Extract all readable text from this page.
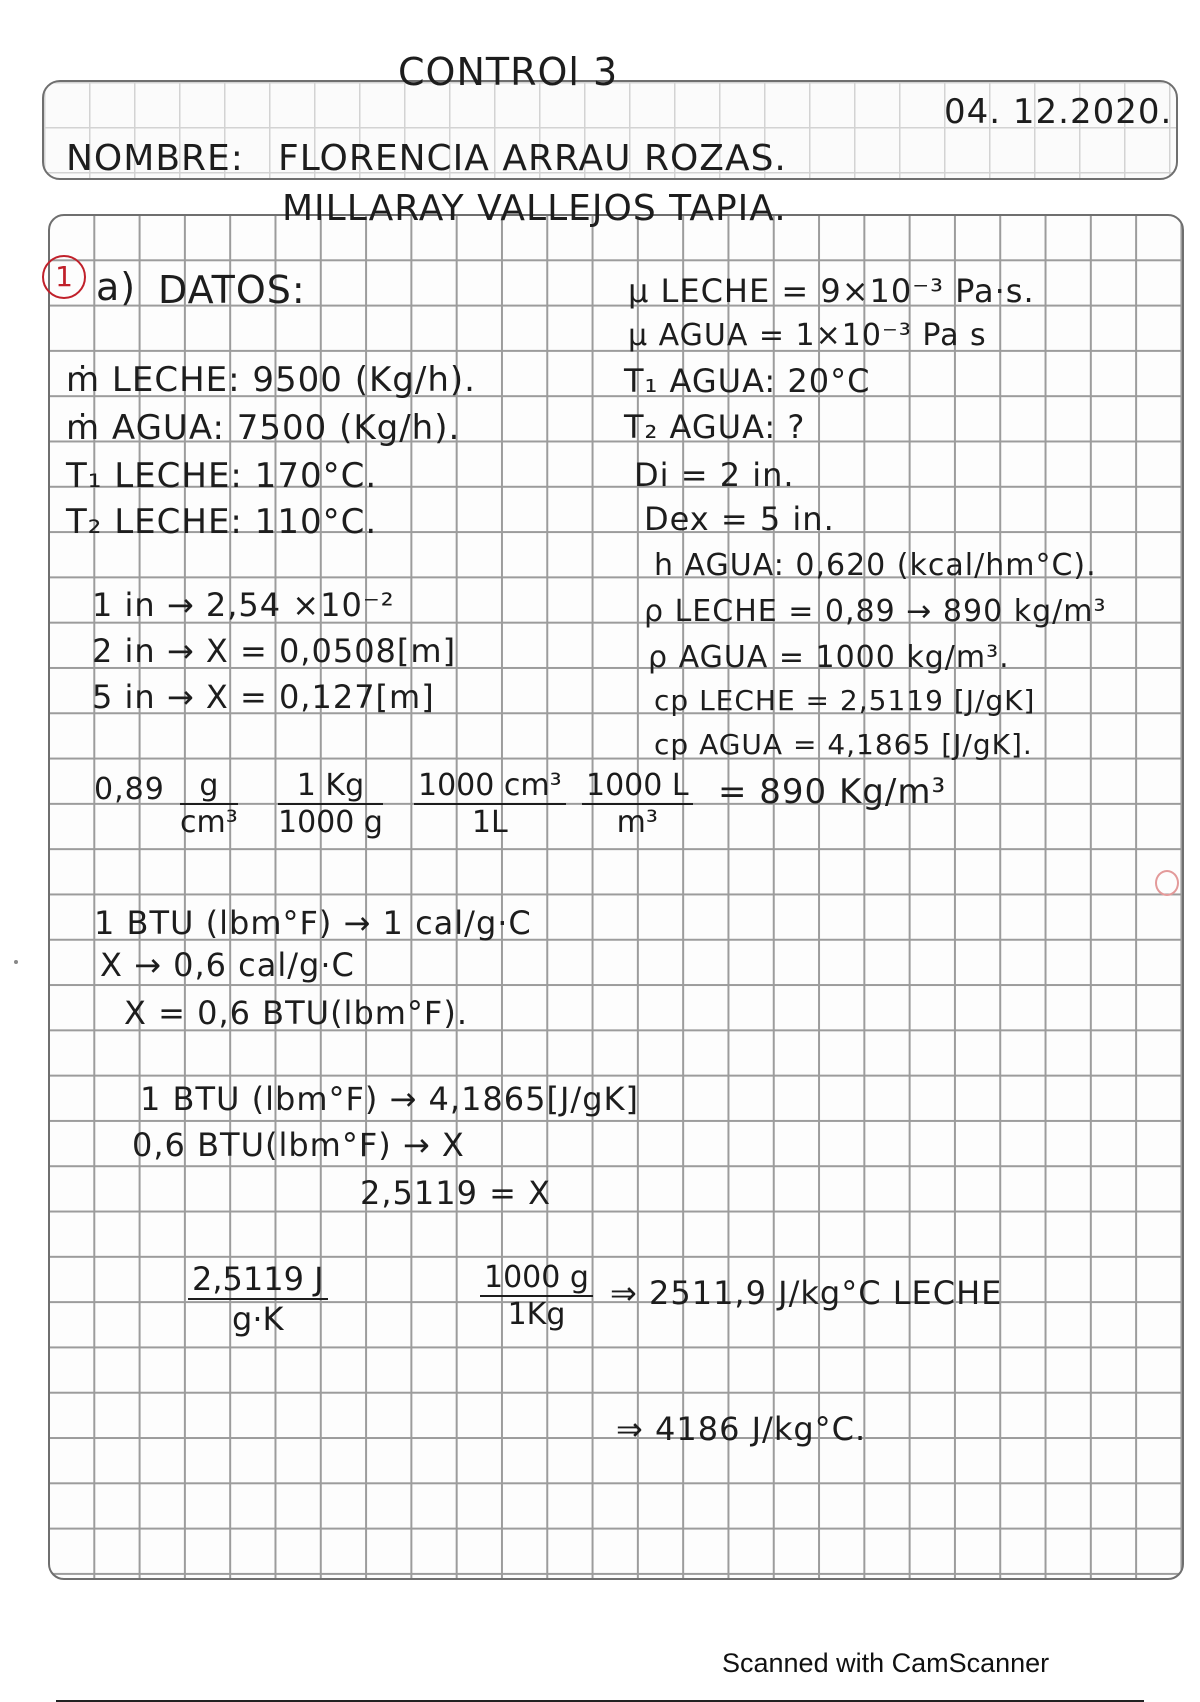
CONTROl 3
04. 12.2020.
NOMBRE: FLORENCIA ARRAU ROZAS.
MILLARAY VALLEJOS TAPIA.
1 a) DATOS:
ṁ LECHE: 9500 (Kg/h).
ṁ AGUA: 7500 (Kg/h).
T₁ LECHE: 170°C.
T₂ LECHE: 110°C.
μ LECHE = 9×10⁻³ Pa·s.
μ AGUA = 1×10⁻³ Pa s
T₁ AGUA: 20°C
T₂ AGUA: ?
Di = 2 in.
Dex = 5 in.
h AGUA: 0,620 (kcal/hm°C).
ρ LECHE = 0,89 → 890 kg/m³
ρ AGUA = 1000 kg/m³.
cp LECHE = 2,5119 [J/gK]
cp AGUA = 4,1865 [J/gK].
1 in → 2,54 ×10⁻²
2 in → X = 0,0508[m]
5 in → X = 0,127[m]
$0,89 \frac{g}{\text{cm³}} \frac{1 Kg}{1000 g} \frac{\text{1000 cm³}}{1L} \frac{1000 L}{\text{m³}} = 890$ Kg/m³
1 BTU (lbm°F) → 1 cal/g·C
X → 0,6 cal/g·C
X = 0,6 BTU(lbm°F).
1 BTU (lbm°F) → 4,1865[J/gK]
0,6 BTU(lbm°F) → X
2,5119 = X
$\frac{2,5119 J}{g\cdot K}$	$\frac{1000 g}{1Kg}$ ⇒ 2511,9 J/kg°C LECHE
⇒ 4186 J/kg°C.
Scanned with CamScanner
